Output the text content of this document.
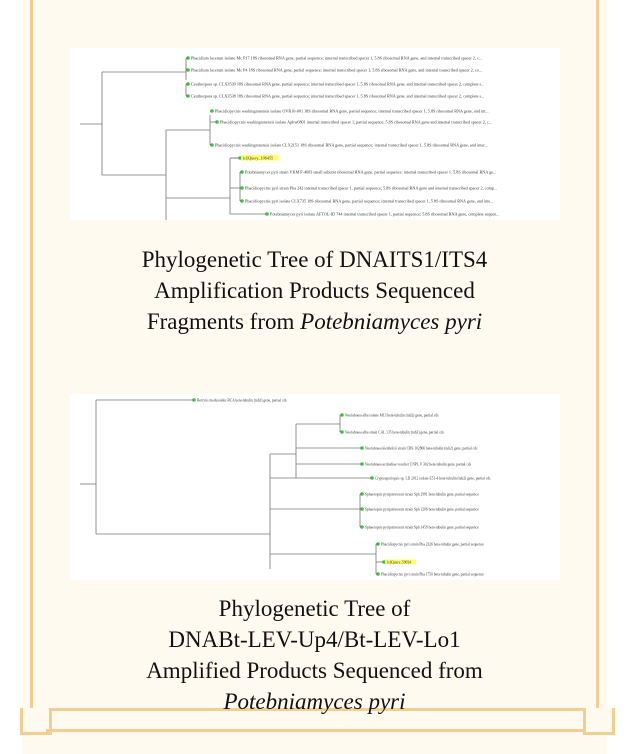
Phacidium lacerum isolate Mc P17 18S ribosomal RNA gene, partial sequence; internal transcribed spacer 1, 5.8S ribosomal RNA gene, and internal transcribed spacer 2, c...
Phacidium lacerum isolate Mc P4 18S ribosomal RNA gene, partial sequence; internal transcribed spacer 1, 5.8S ribosomal RNA gene, and internal transcribed spacer 2, co...
Ceuthospora sp. CLX3539 18S ribosomal RNA gene, partial sequence; internal transcribed spacer 1, 5.8S ribosomal RNA gene, and internal transcribed spacer 2, complete s...
Ceuthospora sp. CLX3538 18S ribosomal RNA gene, partial sequence; internal transcribed spacer 1, 5.8S ribosomal RNA gene, and internal transcribed spacer 2, complete s...
Phacidiopycnis washingtonensis isolate OVB10-001 18S ribosomal RNA gene, partial sequence; internal transcribed spacer 1, 5.8S ribosomal RNA gene, and int...
Phacidiopycnis washingtonensis isolate Aphw0801 internal transcribed spacer 1, partial sequence; 5.8S ribosomal RNA gene and internal transcribed spacer 2, c...
Phacidiopycnis washingtonensis isolate CLX2151 18S ribosomal RNA gene, partial sequence; internal transcribed spacer 1, 5.8S ribosomal RNA gene, and inter...
lcl|Query_106455
Potebniamyces pyri strain VKM F-4683 small subunit ribosomal RNA gene, partial sequence; internal transcribed spacer 1, 5.8S ribosomal RNA ge...
Phacidiopycnis pyri strain Pha 242 internal transcribed spacer 1, partial sequence; 5.8S ribosomal RNA gene and internal transcribed spacer 2, comp...
Phacidiopycnis pyri isolate CLX735 18S ribosomal RNA gene, partial sequence; internal transcribed spacer 1, 5.8S ribosomal RNA gene, and inte...
Potebniamyces pyri isolate AFTOL-ID 744 internal transcribed spacer 1, partial sequence; 5.8S ribosomal RNA gene, complete sequen...
Phylogenetic Tree of DNAITS1/ITS4
Amplification Products Sequenced
Fragments from Potebniamyces pyri
Botrytis medusoides BCA beta-tubulin (tub2) gene, partial cds
Neofabraea alba isolate M13 beta-tubulin (tub2) gene, partial cds
Neofabraea alba strain CAL 135 beta-tubulin (tub2) gene, partial cds
Neofabraea kienholzii strain CBS 102866 beta-tubulin (tub2) gene, partial cds
Neofabraea actinidiae voucher CNPL V 302 beta-tubulin gene, partial cds
Cryptosporiopsis sp. LD 2012 isolate E51-4 beta-tubulin (tub2) gene, partial cds
Sphaeropsis pyriputrescens strain Sph 2981 beta-tubulin gene, partial sequence
Sphaeropsis pyriputrescens strain Sph 1206 beta-tubulin gene, partial sequence
Sphaeropsis pyriputrescens strain Sph 1459 beta-tubulin gene, partial sequence
Phacidiopycnis pyri strain Pha 2326 beta-tubulin gene, partial sequence
lcl|Query_59034
Phacidiopycnis pyri strain Pha 1750 beta-tubulin gene, partial sequence
Phylogenetic Tree of
DNABt-LEV-Up4/Bt-LEV-Lo1
Amplified Products Sequenced from
Potebniamyces pyri
